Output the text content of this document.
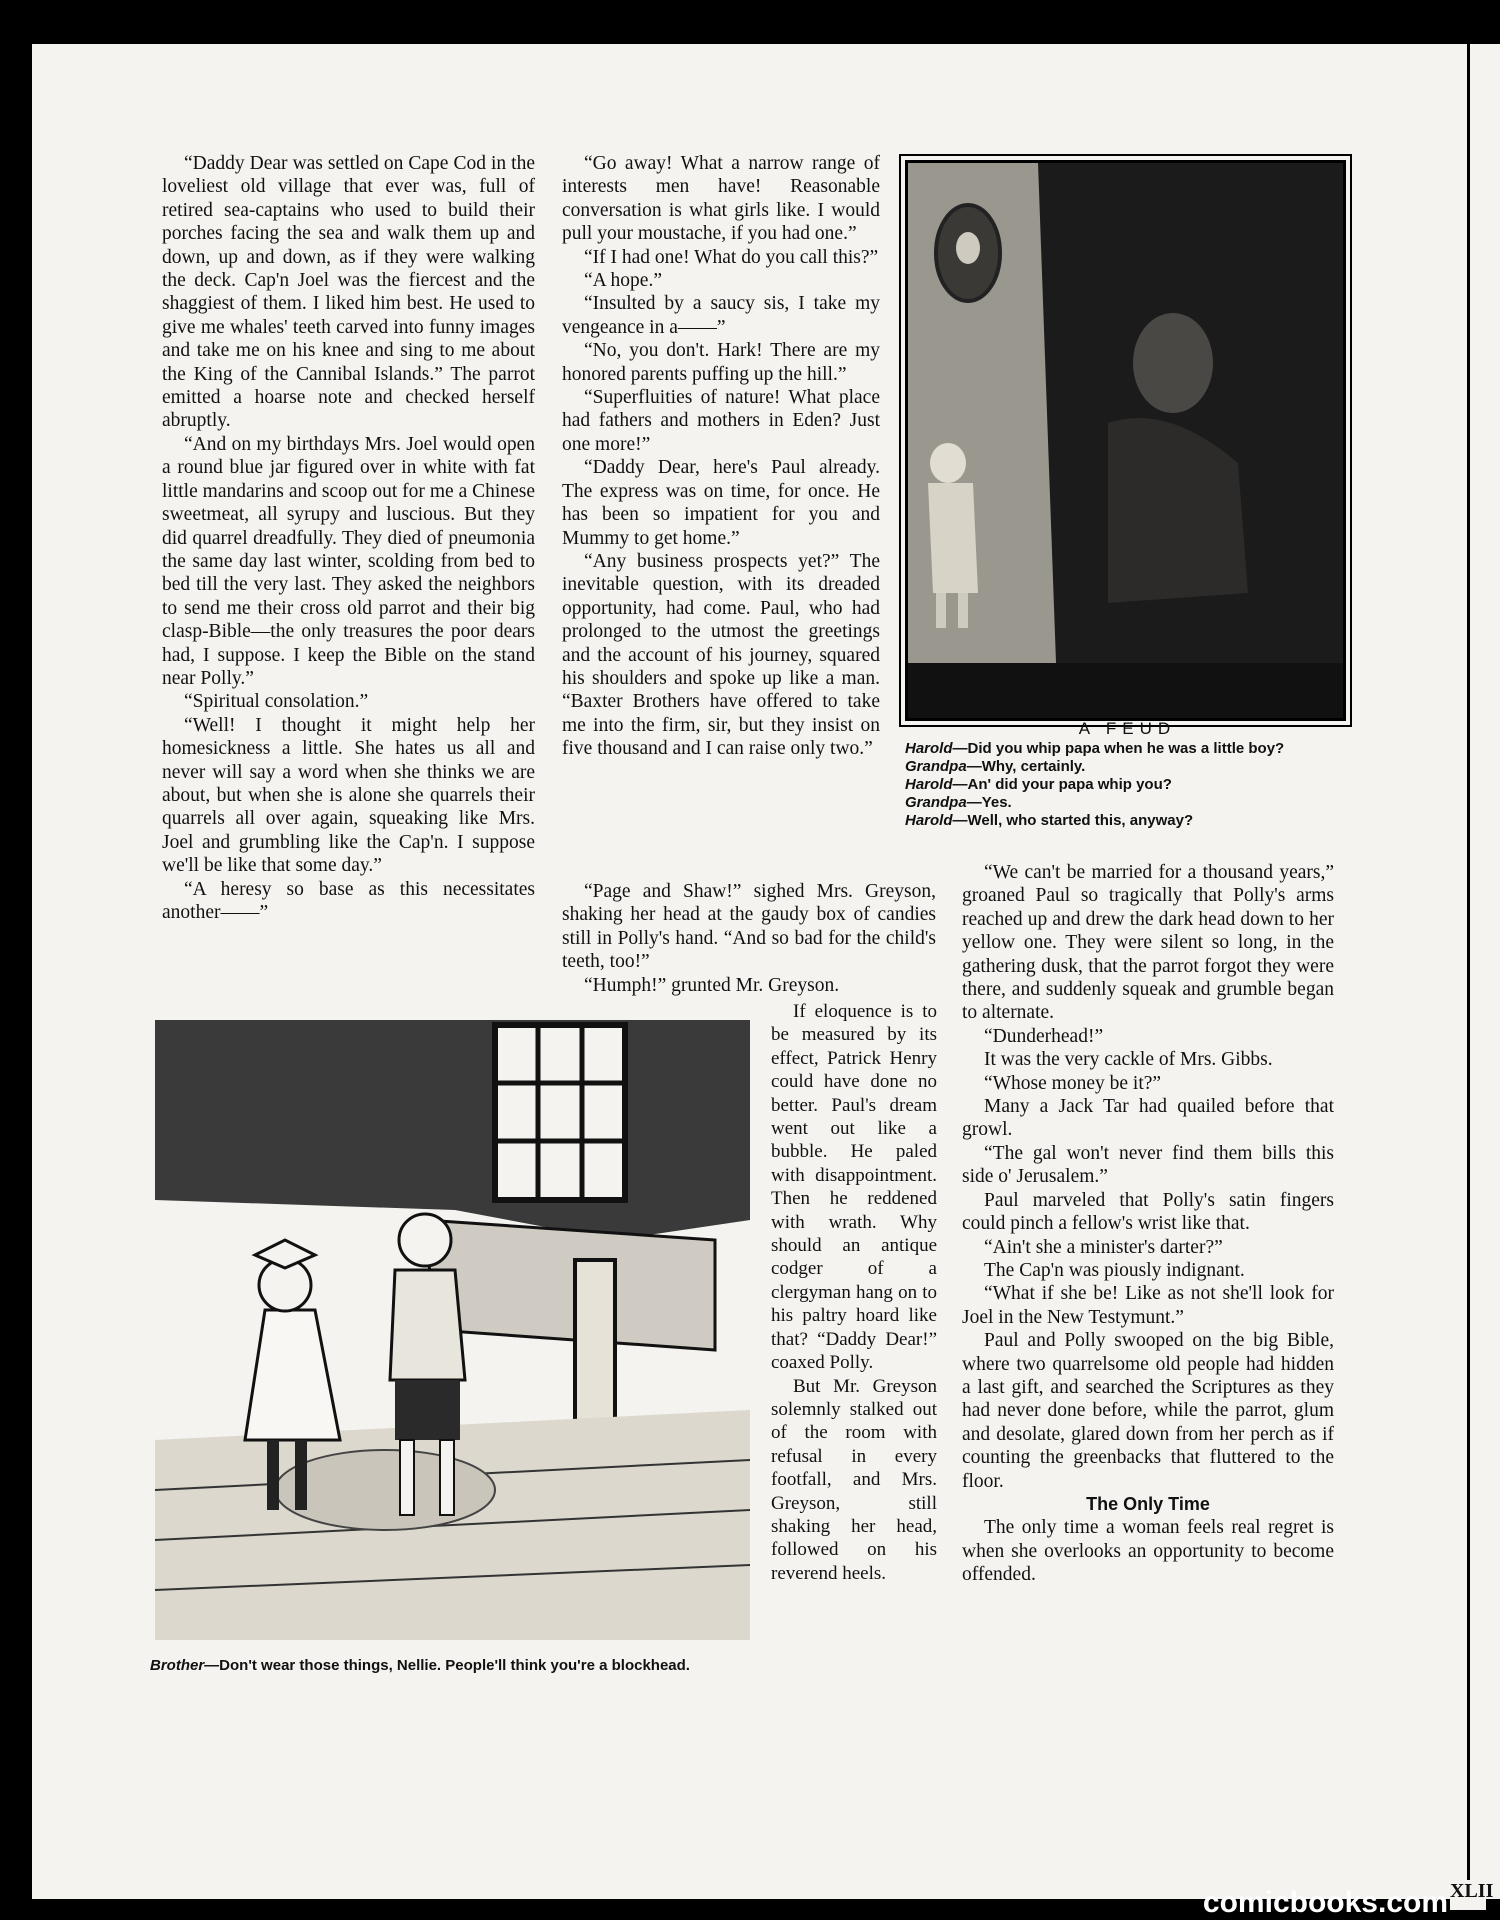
“Daddy Dear was settled on Cape Cod in the loveliest old village that ever was, full of retired sea-captains who used to build their porches facing the sea and walk them up and down, up and down, as if they were walking the deck. Cap'n Joel was the fiercest and the shaggiest of them. I liked him best. He used to give me whales' teeth carved into funny images and take me on his knee and sing to me about the King of the Cannibal Islands.” The parrot emitted a hoarse note and checked herself abruptly.

“And on my birthdays Mrs. Joel would open a round blue jar figured over in white with fat little mandarins and scoop out for me a Chinese sweetmeat, all syrupy and luscious. But they did quarrel dreadfully. They died of pneumonia the same day last winter, scolding from bed to bed till the very last. They asked the neighbors to send me their cross old parrot and their big clasp-Bible—the only treasures the poor dears had, I suppose. I keep the Bible on the stand near Polly.”

“Spiritual consolation.”

“Well! I thought it might help her homesickness a little. She hates us all and never will say a word when she thinks we are about, but when she is alone she quarrels their quarrels all over again, squeaking like Mrs. Joel and grumbling like the Cap'n. I suppose we'll be like that some day.”

“A heresy so base as this necessitates another——”

“Go away! What a narrow range of interests men have! Reasonable conversation is what girls like. I would pull your moustache, if you had one.”

“If I had one! What do you call this?”

“A hope.”

“Insulted by a saucy sis, I take my vengeance in a——”

“No, you don't. Hark! There are my honored parents puffing up the hill.”

“Superfluities of nature! What place had fathers and mothers in Eden? Just one more!”

“Daddy Dear, here's Paul already. The express was on time, for once. He has been so impatient for you and Mummy to get home.”

“Any business prospects yet?” The inevitable question, with its dreaded opportunity, had come. Paul, who had prolonged to the utmost the greetings and the account of his journey, squared his shoulders and spoke up like a man. “Baxter Brothers have offered to take me into the firm, sir, but they insist on five thousand and I can raise only two.”

“Page and Shaw!” sighed Mrs. Greyson, shaking her head at the gaudy box of candies still in Polly's hand. “And so bad for the child's teeth, too!”

“Humph!” grunted Mr. Greyson.

If eloquence is to be measured by its effect, Patrick Henry could have done no better. Paul's dream went out like a bubble. He paled with disappointment. Then he reddened with wrath. Why should an antique codger of a clergyman hang on to his paltry hoard like that? “Daddy Dear!” coaxed Polly.

But Mr. Greyson solemnly stalked out of the room with refusal in every footfall, and Mrs. Greyson, still shaking her head, followed on his reverend heels.

“We can't be married for a thousand years,” groaned Paul so tragically that Polly's arms reached up and drew the dark head down to her yellow one. They were silent so long, in the gathering dusk, that the parrot forgot they were there, and suddenly squeak and grumble began to alternate.

“Dunderhead!”

It was the very cackle of Mrs. Gibbs.

“Whose money be it?”

Many a Jack Tar had quailed before that growl.

“The gal won't never find them bills this side o' Jerusalem.”

Paul marveled that Polly's satin fingers could pinch a fellow's wrist like that.

“Ain't she a minister's darter?”

The Cap'n was piously indignant.

“What if she be! Like as not she'll look for Joel in the New Testymunt.”

Paul and Polly swooped on the big Bible, where two quarrelsome old people had hidden a last gift, and searched the Scriptures as they had never done before, while the parrot, glum and desolate, glared down from her perch as if counting the greenbacks that fluttered to the floor.

The Only Time

The only time a woman feels real regret is when she overlooks an opportunity to become offended.

A FEUD
Harold—Did you whip papa when he was a little boy?
Grandpa—Why, certainly.
Harold—An' did your papa whip you?
Grandpa—Yes.
Harold—Well, who started this, anyway?
Brother—Don't wear those things, Nellie. People'll think you're a blockhead.
comicbooks.com XLII
